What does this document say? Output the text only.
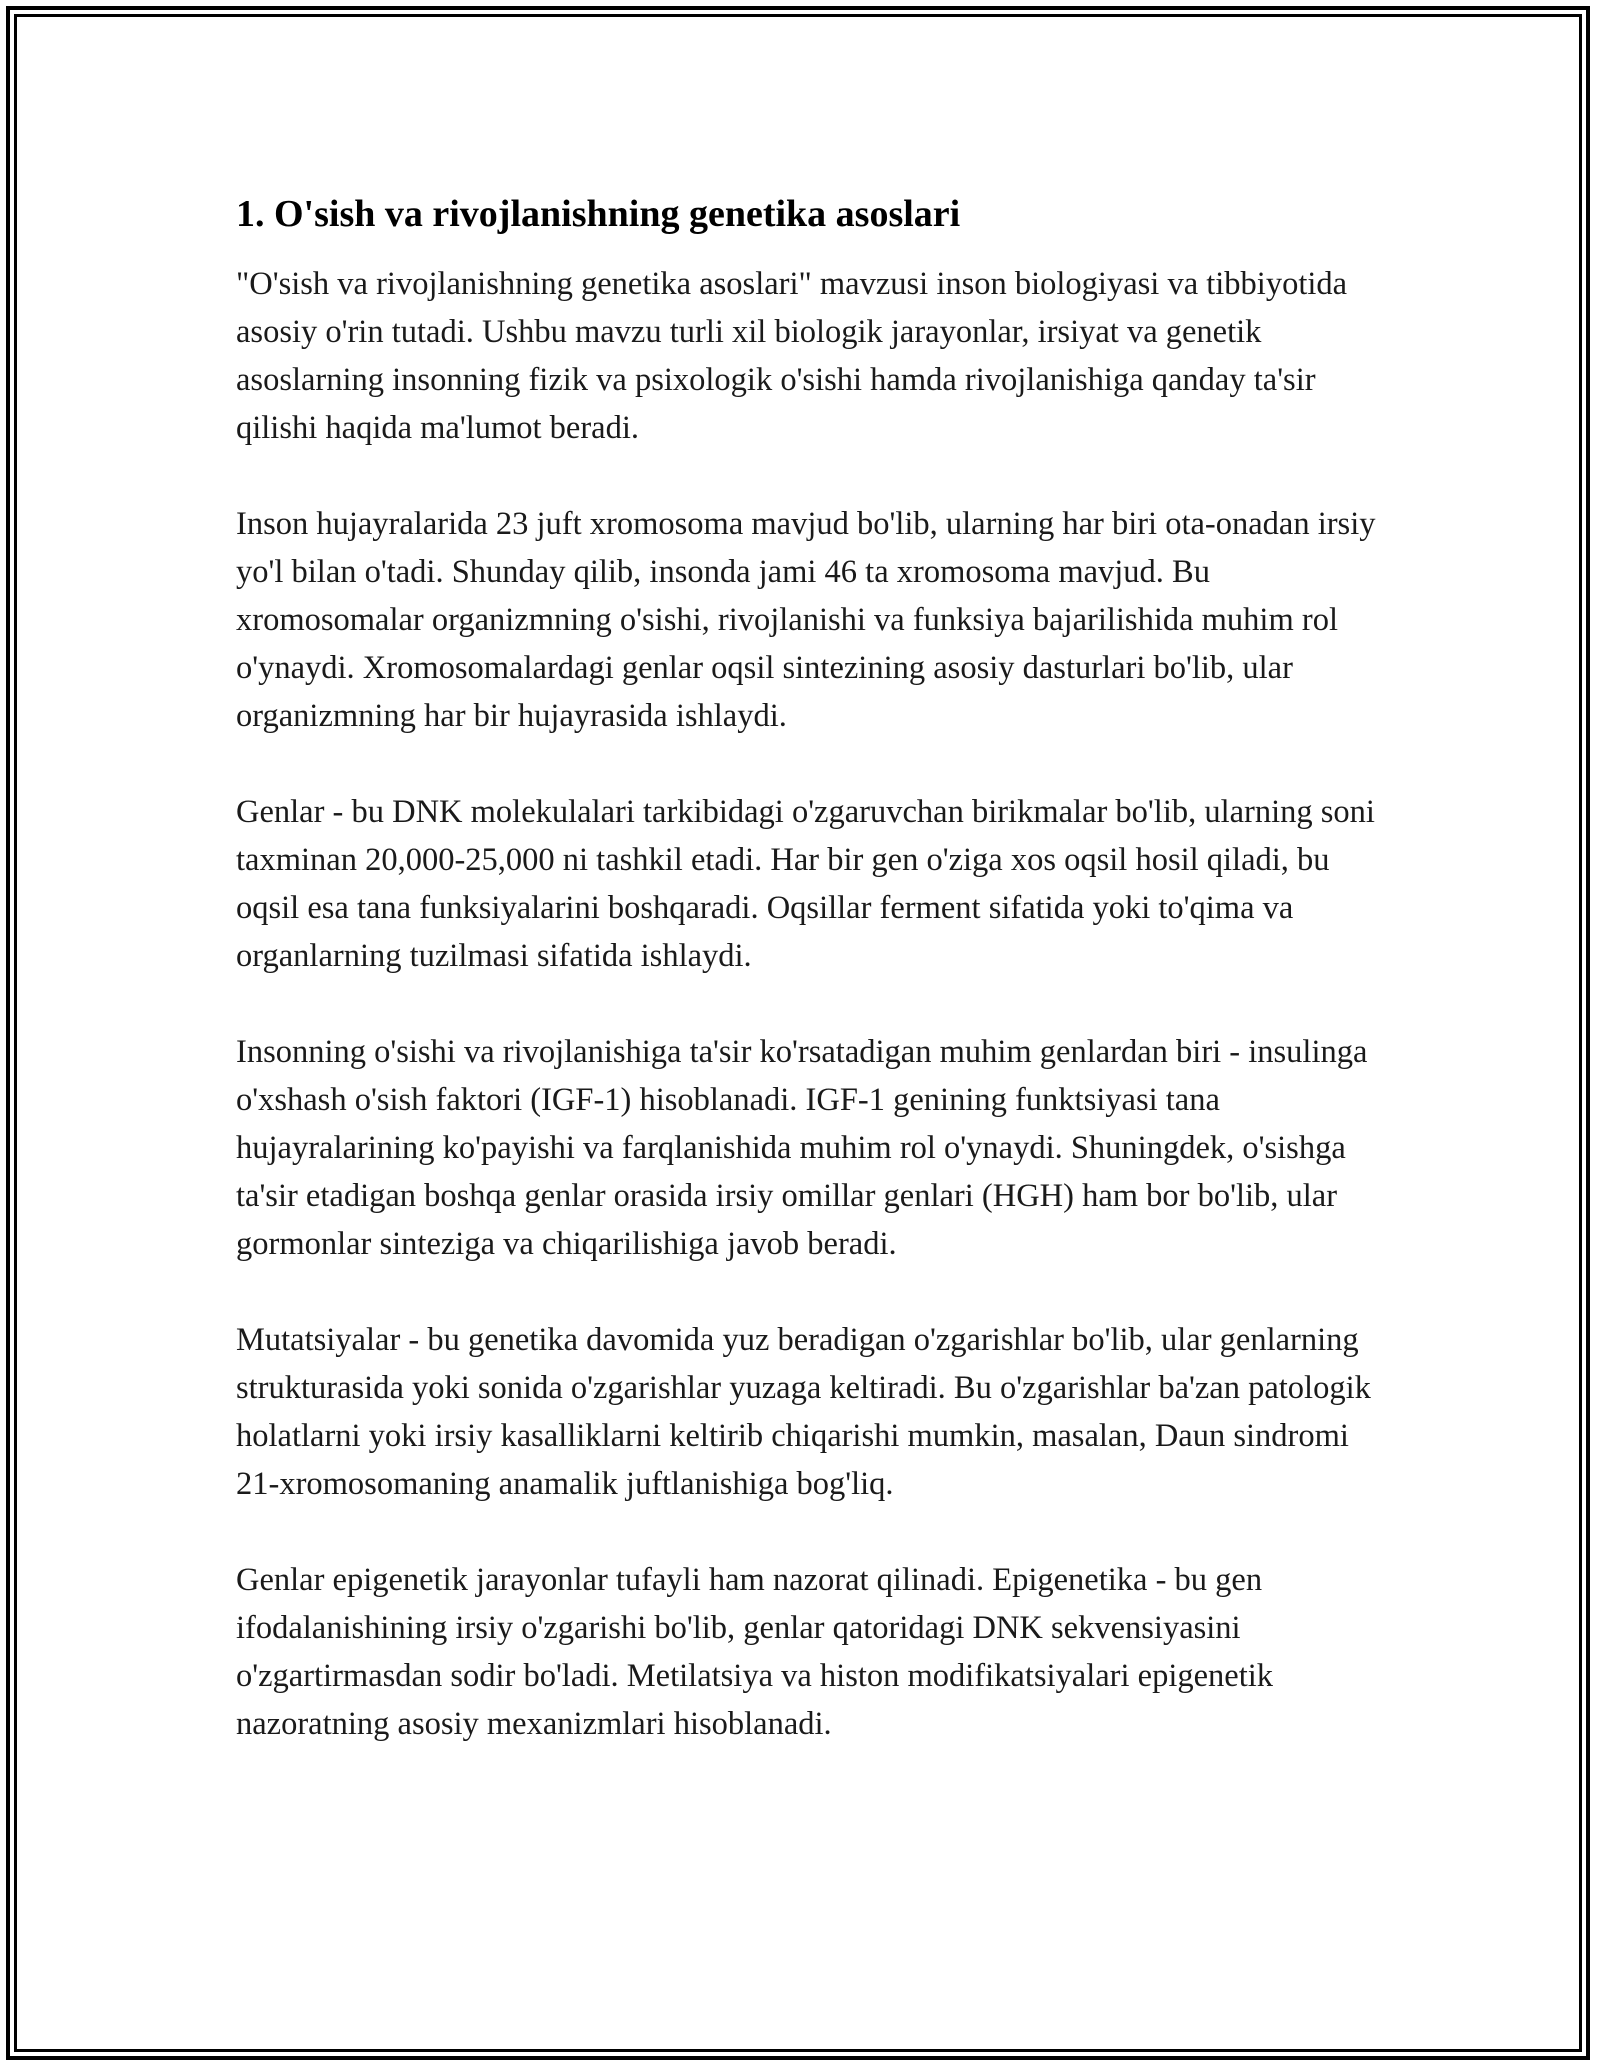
1. O'sish va rivojlanishning genetika asoslari

"O'sish va rivojlanishning genetika asoslari" mavzusi inson biologiyasi va tibbiyotida asosiy o'rin tutadi. Ushbu mavzu turli xil biologik jarayonlar, irsiyat va genetik asoslarning insonning fizik va psixologik o'sishi hamda rivojlanishiga qanday ta'sir qilishi haqida ma'lumot beradi.

Inson hujayralarida 23 juft xromosoma mavjud bo'lib, ularning har biri ota-onadan irsiy yo'l bilan o'tadi. Shunday qilib, insonda jami 46 ta xromosoma mavjud. Bu xromosomalar organizmning o'sishi, rivojlanishi va funksiya bajarilishida muhim rol o'ynaydi. Xromosomalardagi genlar oqsil sintezining asosiy dasturlari bo'lib, ular organizmning har bir hujayrasida ishlaydi.

Genlar - bu DNK molekulalari tarkibidagi o'zgaruvchan birikmalar bo'lib, ularning soni taxminan 20,000-25,000 ni tashkil etadi. Har bir gen o'ziga xos oqsil hosil qiladi, bu oqsil esa tana funksiyalarini boshqaradi. Oqsillar ferment sifatida yoki to'qima va organlarning tuzilmasi sifatida ishlaydi.

Insonning o'sishi va rivojlanishiga ta'sir ko'rsatadigan muhim genlardan biri - insulinga o'xshash o'sish faktori (IGF-1) hisoblanadi. IGF-1 genining funktsiyasi tana hujayralarining ko'payishi va farqlanishida muhim rol o'ynaydi. Shuningdek, o'sishga ta'sir etadigan boshqa genlar orasida irsiy omillar genlari (HGH) ham bor bo'lib, ular gormonlar sinteziga va chiqarilishiga javob beradi.

Mutatsiyalar - bu genetika davomida yuz beradigan o'zgarishlar bo'lib, ular genlarning strukturasida yoki sonida o'zgarishlar yuzaga keltiradi. Bu o'zgarishlar ba'zan patologik holatlarni yoki irsiy kasalliklarni keltirib chiqarishi mumkin, masalan, Daun sindromi 21-xromosomaning anamalik juftlanishiga bog'liq.

Genlar epigenetik jarayonlar tufayli ham nazorat qilinadi. Epigenetika - bu gen ifodalanishining irsiy o'zgarishi bo'lib, genlar qatoridagi DNK sekvensiyasini o'zgartirmasdan sodir bo'ladi. Metilatsiya va histon modifikatsiyalari epigenetik nazoratning asosiy mexanizmlari hisoblanadi.
